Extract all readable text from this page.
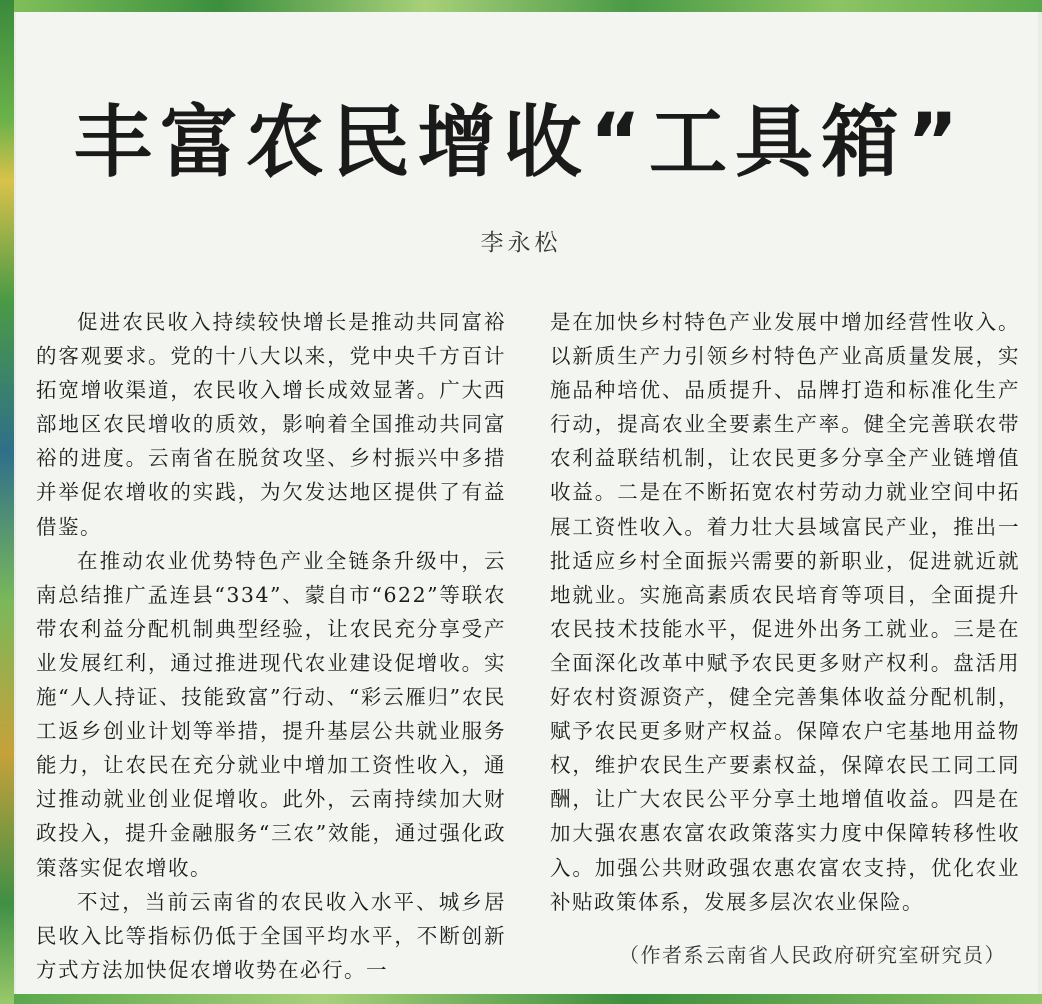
丰富农民增收“工具箱”
李永松

促进农民收入持续较快增长是推动共同富裕的客观要求。党的十八大以来，党中央千方百计拓宽增收渠道，农民收入增长成效显著。广大西部地区农民增收的质效，影响着全国推动共同富裕的进度。云南省在脱贫攻坚、乡村振兴中多措并举促农增收的实践，为欠发达地区提供了有益借鉴。

在推动农业优势特色产业全链条升级中，云南总结推广孟连县“334”、蒙自市“622”等联农带农利益分配机制典型经验，让农民充分享受产业发展红利，通过推进现代农业建设促增收。实施“人人持证、技能致富”行动、“彩云雁归”农民工返乡创业计划等举措，提升基层公共就业服务能力，让农民在充分就业中增加工资性收入，通过推动就业创业促增收。此外，云南持续加大财政投入，提升金融服务“三农”效能，通过强化政策落实促农增收。

不过，当前云南省的农民收入水平、城乡居民收入比等指标仍低于全国平均水平，不断创新方式方法加快促农增收势在必行。一

是在加快乡村特色产业发展中增加经营性收入。以新质生产力引领乡村特色产业高质量发展，实施品种培优、品质提升、品牌打造和标准化生产行动，提高农业全要素生产率。健全完善联农带农利益联结机制，让农民更多分享全产业链增值收益。二是在不断拓宽农村劳动力就业空间中拓展工资性收入。着力壮大县域富民产业，推出一批适应乡村全面振兴需要的新职业，促进就近就地就业。实施高素质农民培育等项目，全面提升农民技术技能水平，促进外出务工就业。三是在全面深化改革中赋予农民更多财产权利。盘活用好农村资源资产，健全完善集体收益分配机制，赋予农民更多财产权益。保障农户宅基地用益物权，维护农民生产要素权益，保障农民工同工同酬，让广大农民公平分享土地增值收益。四是在加大强农惠农富农政策落实力度中保障转移性收入。加强公共财政强农惠农富农支持，优化农业补贴政策体系，发展多层次农业保险。

（作者系云南省人民政府研究室研究员）
